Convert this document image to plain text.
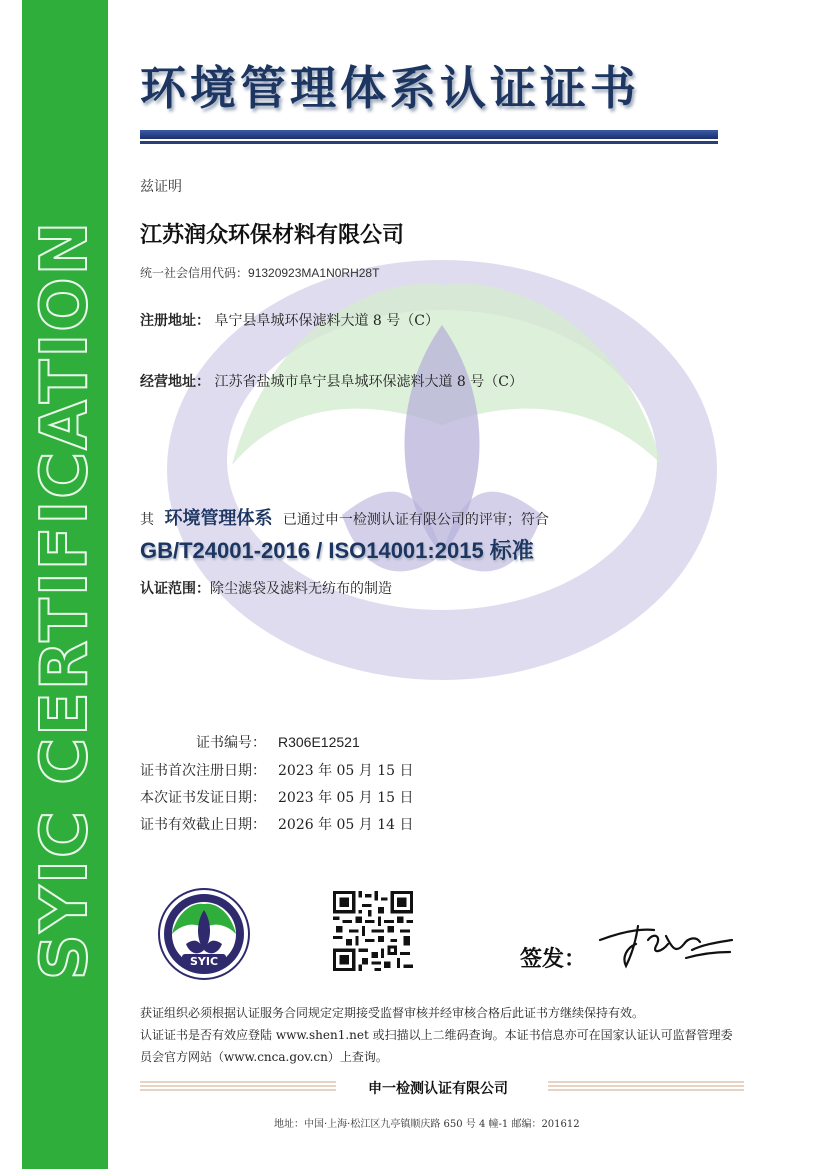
SYIC CERTIFICATION
环境管理体系认证证书
兹证明
江苏润众环保材料有限公司
统一社会信用代码：91320923MA1N0RH28T
注册地址： 阜宁县阜城环保滤料大道 8 号（C）
经营地址： 江苏省盐城市阜宁县阜城环保滤料大道 8 号（C）
其 环境管理体系 已通过申一检测认证有限公司的评审；符合
GB/T24001-2016 / ISO14001:2015 标准
认证范围：除尘滤袋及滤料无纺布的制造
证书编号： R306E12521
证书首次注册日期： 2023 年 05 月 15 日
本次证书发证日期： 2023 年 05 月 15 日
证书有效截止日期： 2026 年 05 月 14 日
SYIC	签发：
获证组织必须根据认证服务合同规定定期接受监督审核并经审核合格后此证书方继续保持有效。
认证证书是否有效应登陆 www.shen1.net 或扫描以上二维码查询。本证书信息亦可在国家认证认可监督管理委
员会官方网站（www.cnca.gov.cn）上查询。
申一检测认证有限公司
地址：中国·上海·松江区九亭镇顺庆路 650 号 4 幢-1 邮编：201612
